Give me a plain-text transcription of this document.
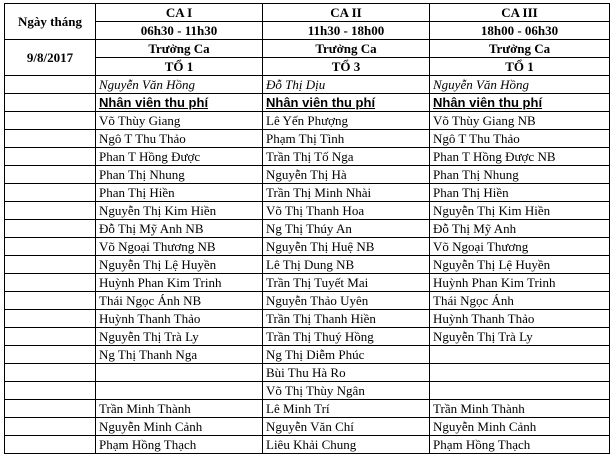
Ngày tháng	CA I	CA II	CA III
	06h30 - 11h30	11h30 - 18h00	18h00 - 06h30
9/8/2017	Trưởng Ca	Trưởng Ca	Trưởng Ca
	TỔ 1	TỔ 3	TỔ 1
	Nguyễn Văn Hồng	Đỗ Thị Dịu	Nguyễn Văn Hồng
	Nhân viên thu phí	Nhân viên thu phí	Nhân viên thu phí
	Võ Thùy Giang	Lê Yến Phượng	Võ Thùy Giang NB
	Ngô T Thu Thảo	Phạm Thị Tình	Ngô T Thu Thảo
	Phan T Hồng Được	Trần Thị Tố Nga	Phan T Hồng Được NB
	Phan Thị Nhung	Nguyễn Thị Hà	Phan Thị Nhung
	Phan Thị Hiền	Trần Thị Minh Nhài	Phan Thị Hiền
	Nguyễn Thị Kim Hiền	Võ Thị Thanh Hoa	Nguyễn Thị Kim Hiền
	Đỗ Thị Mỹ Anh NB	Ng Thị Thúy An	Đỗ Thị Mỹ Anh
	Võ Ngoại Thương NB	Nguyễn Thị Huệ NB	Võ Ngoại Thương
	Nguyễn Thị Lệ Huyền	Lê Thị Dung NB	Nguyễn Thị Lệ Huyền
	Huỳnh Phan Kim Trinh	Trần Thị Tuyết Mai	Huỳnh Phan Kim Trinh
	Thái Ngọc Ánh NB	Nguyễn Thảo Uyên	Thái Ngọc Ánh
	Huỳnh Thanh Thảo	Trần Thị Thanh Hiền	Huỳnh Thanh Thảo
	Nguyễn Thị Trà Ly	Trần Thị Thuý Hồng	Nguyễn Thị Trà Ly
	Ng Thị Thanh Nga	Ng Thị Diễm Phúc	
		Bùi Thu Hà Ro	
		Võ Thị Thùy Ngân	
	Trần Minh Thành	Lê Minh Trí	Trần Minh Thành
	Nguyễn Minh Cảnh	Nguyễn Văn Chí	Nguyễn Minh Cảnh
	Phạm Hồng Thạch	Liêu Khải Chung	Phạm Hồng Thạch
